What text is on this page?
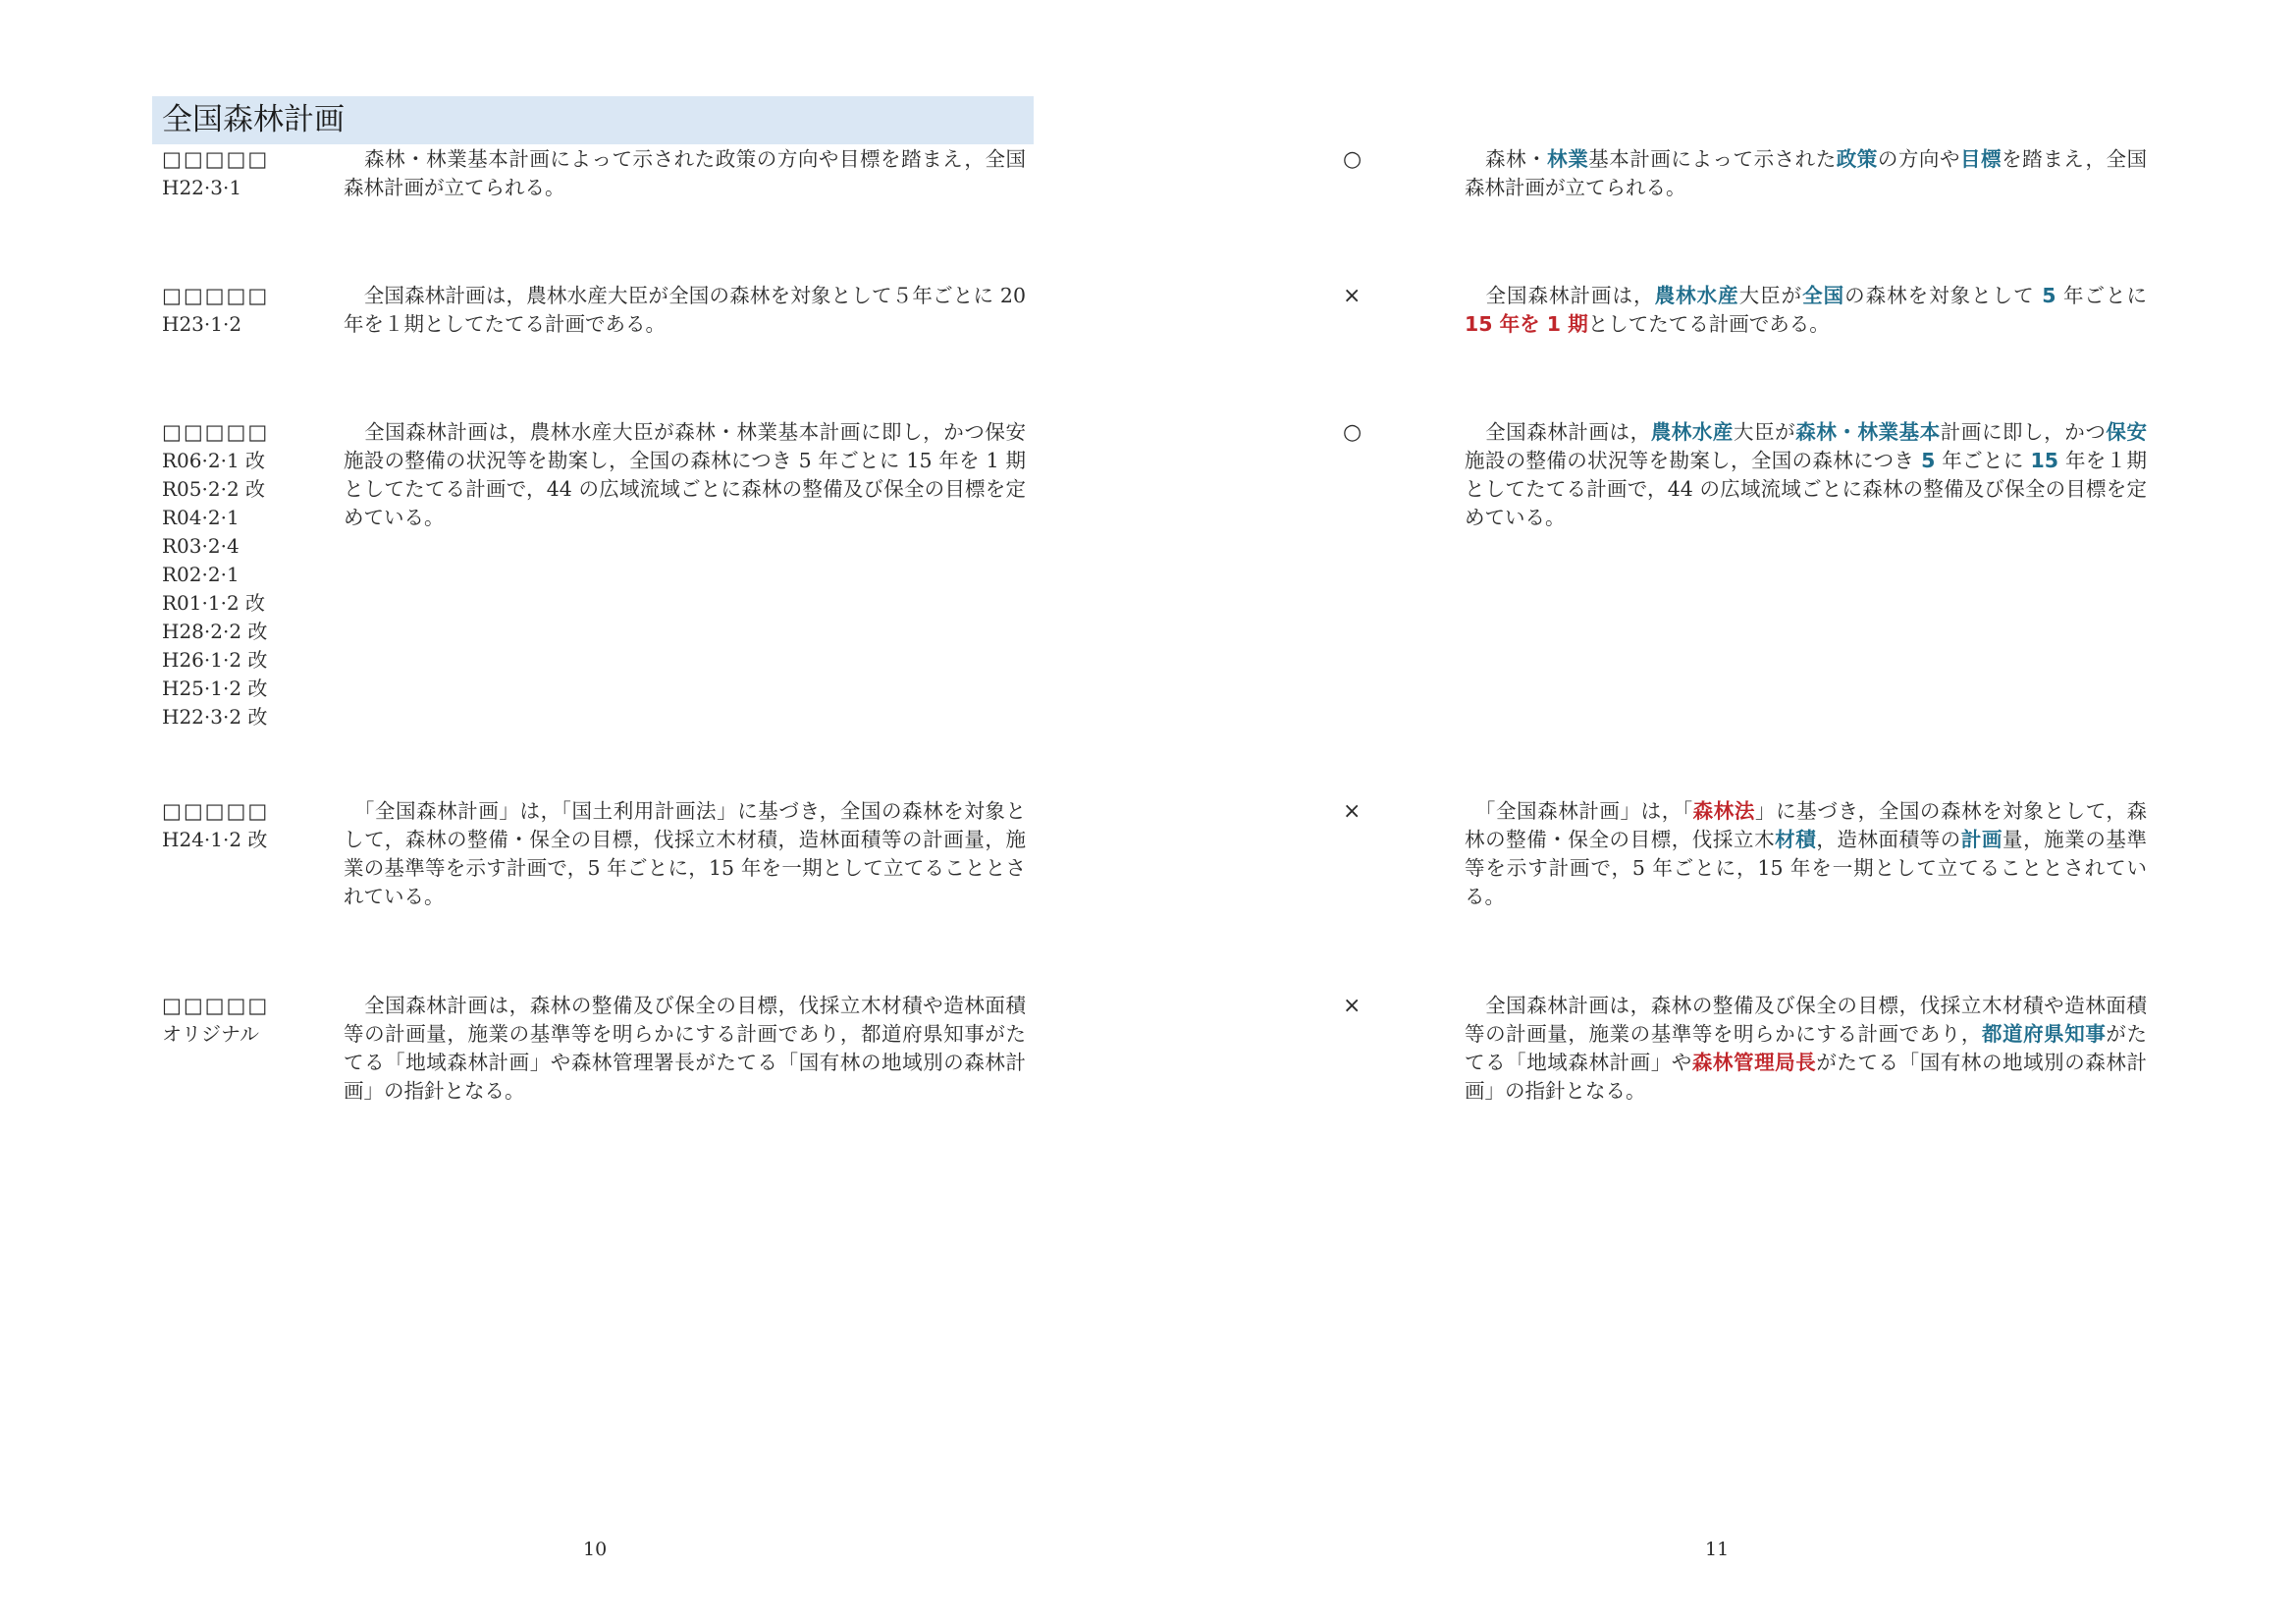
全国森林計画
□□□□□
H22·3·1
　森林・林業基本計画によって示された政策の方向や目標を踏まえ，全国森林計画が立てられる。
□□□□□
H23·1·2
　全国森林計画は，農林水産大臣が全国の森林を対象として５年ごとに 20 年を１期としてたてる計画である。
□□□□□
R06·2·1 改
R05·2·2 改
R04·2·1
R03·2·4
R02·2·1
R01·1·2 改
H28·2·2 改
H26·1·2 改
H25·1·2 改
H22·3·2 改
　全国森林計画は，農林水産大臣が森林・林業基本計画に即し，かつ保安施設の整備の状況等を勘案し，全国の森林につき 5 年ごとに 15 年を 1 期としてたてる計画で，44 の広域流域ごとに森林の整備及び保全の目標を定めている。
□□□□□
H24·1·2 改
　「全国森林計画」は，「国土利用計画法」に基づき，全国の森林を対象として，森林の整備・保全の目標，伐採立木材積，造林面積等の計画量，施業の基準等を示す計画で，5 年ごとに，15 年を一期として立てることとされている。
□□□□□
オリジナル
　全国森林計画は，森林の整備及び保全の目標，伐採立木材積や造林面積等の計画量，施業の基準等を明らかにする計画であり，都道府県知事がたてる「地域森林計画」や森林管理署長がたてる「国有林の地域別の森林計画」の指針となる。
10
○	　森林・林業基本計画によって示された政策の方向や目標を踏まえ，全国森林計画が立てられる。
×	　全国森林計画は，農林水産大臣が全国の森林を対象として 5 年ごとに 15 年を 1 期としてたてる計画である。
○	　全国森林計画は，農林水産大臣が森林・林業基本計画に即し，かつ保安施設の整備の状況等を勘案し，全国の森林につき 5 年ごとに 15 年を１期としてたてる計画で，44 の広域流域ごとに森林の整備及び保全の目標を定めている。
×	　「全国森林計画」は，「森林法」に基づき，全国の森林を対象として，森林の整備・保全の目標，伐採立木材積，造林面積等の計画量，施業の基準等を示す計画で，5 年ごとに，15 年を一期として立てることとされている。
×	　全国森林計画は，森林の整備及び保全の目標，伐採立木材積や造林面積等の計画量，施業の基準等を明らかにする計画であり，都道府県知事がたてる「地域森林計画」や森林管理局長がたてる「国有林の地域別の森林計画」の指針となる。
11
